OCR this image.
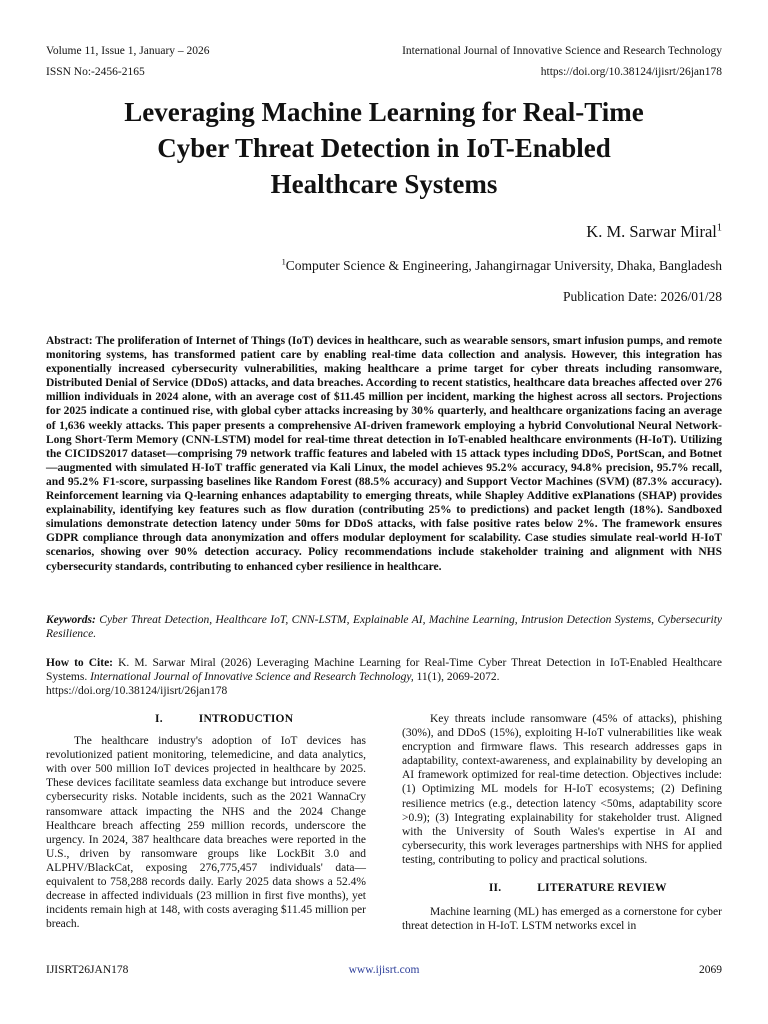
Volume 11, Issue 1, January – 2026	International Journal of Innovative Science and Research Technology
ISSN No:-2456-2165	https://doi.org/10.38124/ijisrt/26jan178
Leveraging Machine Learning for Real-Time
Cyber Threat Detection in IoT-Enabled
Healthcare Systems
K. M. Sarwar Miral$^1$
$^1$Computer Science & Engineering, Jahangirnagar University, Dhaka, Bangladesh
Publication Date: 2026/01/28

Abstract: The proliferation of Internet of Things (IoT) devices in healthcare, such as wearable sensors, smart infusion pumps, and remote monitoring systems, has transformed patient care by enabling real-time data collection and analysis. However, this integration has exponentially increased cybersecurity vulnerabilities, making healthcare a prime target for cyber threats including ransomware, Distributed Denial of Service (DDoS) attacks, and data breaches. According to recent statistics, healthcare data breaches affected over 276 million individuals in 2024 alone, with an average cost of $11.45 million per incident, marking the highest across all sectors. Projections for 2025 indicate a continued rise, with global cyber attacks increasing by 30% quarterly, and healthcare organizations facing an average of 1,636 weekly attacks. This paper presents a comprehensive AI-driven framework employing a hybrid Convolutional Neural Network-Long Short-Term Memory (CNN-LSTM) model for real-time threat detection in IoT-enabled healthcare environments (H-IoT). Utilizing the CICIDS2017 dataset—comprising 79 network traffic features and labeled with 15 attack types including DDoS, PortScan, and Botnet—augmented with simulated H-IoT traffic generated via Kali Linux, the model achieves 95.2% accuracy, 94.8% precision, 95.7% recall, and 95.2% F1-score, surpassing baselines like Random Forest (88.5% accuracy) and Support Vector Machines (SVM) (87.3% accuracy). Reinforcement learning via Q-learning enhances adaptability to emerging threats, while Shapley Additive exPlanations (SHAP) provides explainability, identifying key features such as flow duration (contributing 25% to predictions) and packet length (18%). Sandboxed simulations demonstrate detection latency under 50ms for DDoS attacks, with false positive rates below 2%. The framework ensures GDPR compliance through data anonymization and offers modular deployment for scalability. Case studies simulate real-world H-IoT scenarios, showing over 90% detection accuracy. Policy recommendations include stakeholder training and alignment with NHS cybersecurity standards, contributing to enhanced cyber resilience in healthcare.

Keywords: Cyber Threat Detection, Healthcare IoT, CNN-LSTM, Explainable AI, Machine Learning, Intrusion Detection Systems, Cybersecurity Resilience.

How to Cite: K. M. Sarwar Miral (2026) Leveraging Machine Learning for Real-Time Cyber Threat Detection in IoT-Enabled Healthcare Systems. International Journal of Innovative Science and Research Technology, 11(1), 2069-2072.
https://doi.org/10.38124/ijisrt/26jan178

I.	INTRODUCTION

The healthcare industry's adoption of IoT devices has revolutionized patient monitoring, telemedicine, and data analytics, with over 500 million IoT devices projected in healthcare by 2025. These devices facilitate seamless data exchange but introduce severe cybersecurity risks. Notable incidents, such as the 2021 WannaCry ransomware attack impacting the NHS and the 2024 Change Healthcare breach affecting 259 million records, underscore the urgency. In 2024, 387 healthcare data breaches were reported in the U.S., driven by ransomware groups like LockBit 3.0 and ALPHV/BlackCat, exposing 276,775,457 individuals' data—equivalent to 758,288 records daily. Early 2025 data shows a 52.4% decrease in affected individuals (23 million in first five months), yet incidents remain high at 148, with costs averaging $11.45 million per breach.

Key threats include ransomware (45% of attacks), phishing (30%), and DDoS (15%), exploiting H-IoT vulnerabilities like weak encryption and firmware flaws. This research addresses gaps in adaptability, context-awareness, and explainability by developing an AI framework optimized for real-time detection. Objectives include: (1) Optimizing ML models for H-IoT ecosystems; (2) Defining resilience metrics (e.g., detection latency <50ms, adaptability score >0.9); (3) Integrating explainability for stakeholder trust. Aligned with the University of South Wales's expertise in AI and cybersecurity, this work leverages partnerships with NHS for applied testing, contributing to policy and practical solutions.

II.	LITERATURE REVIEW

Machine learning (ML) has emerged as a cornerstone for cyber threat detection in H-IoT. LSTM networks excel in

IJISRT26JAN178	www.ijisrt.com	2069
